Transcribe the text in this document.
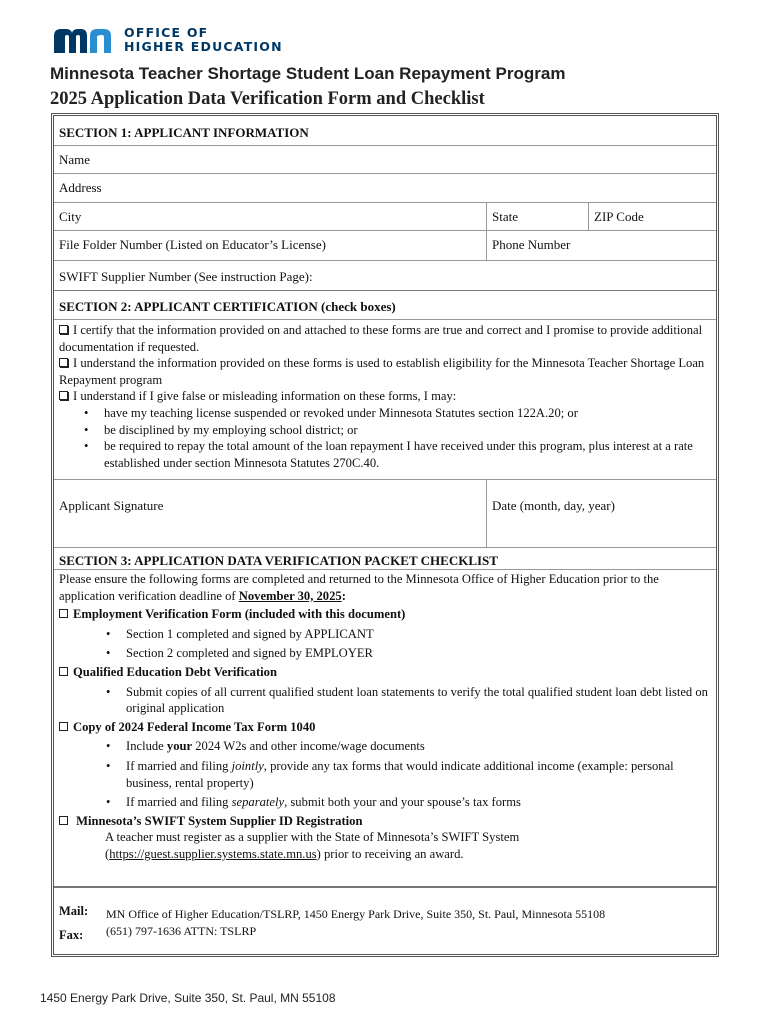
OFFICE OF
HIGHER EDUCATION
Minnesota Teacher Shortage Student Loan Repayment Program
2025 Application Data Verification Form and Checklist
SECTION 1: APPLICANT INFORMATION
Name
Address
City	State	ZIP Code
File Folder Number (Listed on Educator’s License)	Phone Number
SWIFT Supplier Number (See instruction Page):
SECTION 2: APPLICANT CERTIFICATION (check boxes)
I certify that the information provided on and attached to these forms are true and correct and I promise to provide additional documentation if requested.
I understand the information provided on these forms is used to establish eligibility for the Minnesota Teacher Shortage Loan Repayment program
I understand if I give false or misleading information on these forms, I may:
• have my teaching license suspended or revoked under Minnesota Statutes section 122A.20; or
• be disciplined by my employing school district; or
• be required to repay the total amount of the loan repayment I have received under this program, plus interest at a rate established under section Minnesota Statutes 270C.40.
Applicant Signature	Date (month, day, year)
SECTION 3: APPLICATION DATA VERIFICATION PACKET CHECKLIST
Please ensure the following forms are completed and returned to the Minnesota Office of Higher Education prior to the application verification deadline of November 30, 2025:
Employment Verification Form (included with this document)
• Section 1 completed and signed by APPLICANT
• Section 2 completed and signed by EMPLOYER
Qualified Education Debt Verification
• Submit copies of all current qualified student loan statements to verify the total qualified student loan debt listed on original application
Copy of 2024 Federal Income Tax Form 1040
• Include your 2024 W2s and other income/wage documents
• If married and filing jointly, provide any tax forms that would indicate additional income (example: personal business, rental property)
• If married and filing separately, submit both your and your spouse’s tax forms
Minnesota’s SWIFT System Supplier ID Registration
A teacher must register as a supplier with the State of Minnesota’s SWIFT System
(https://guest.supplier.systems.state.mn.us) prior to receiving an award.
Mail: MN Office of Higher Education/TSLRP, 1450 Energy Park Drive, Suite 350, St. Paul, Minnesota 55108
Fax: (651) 797-1636 ATTN: TSLRP
1450 Energy Park Drive, Suite 350, St. Paul, MN 55108
